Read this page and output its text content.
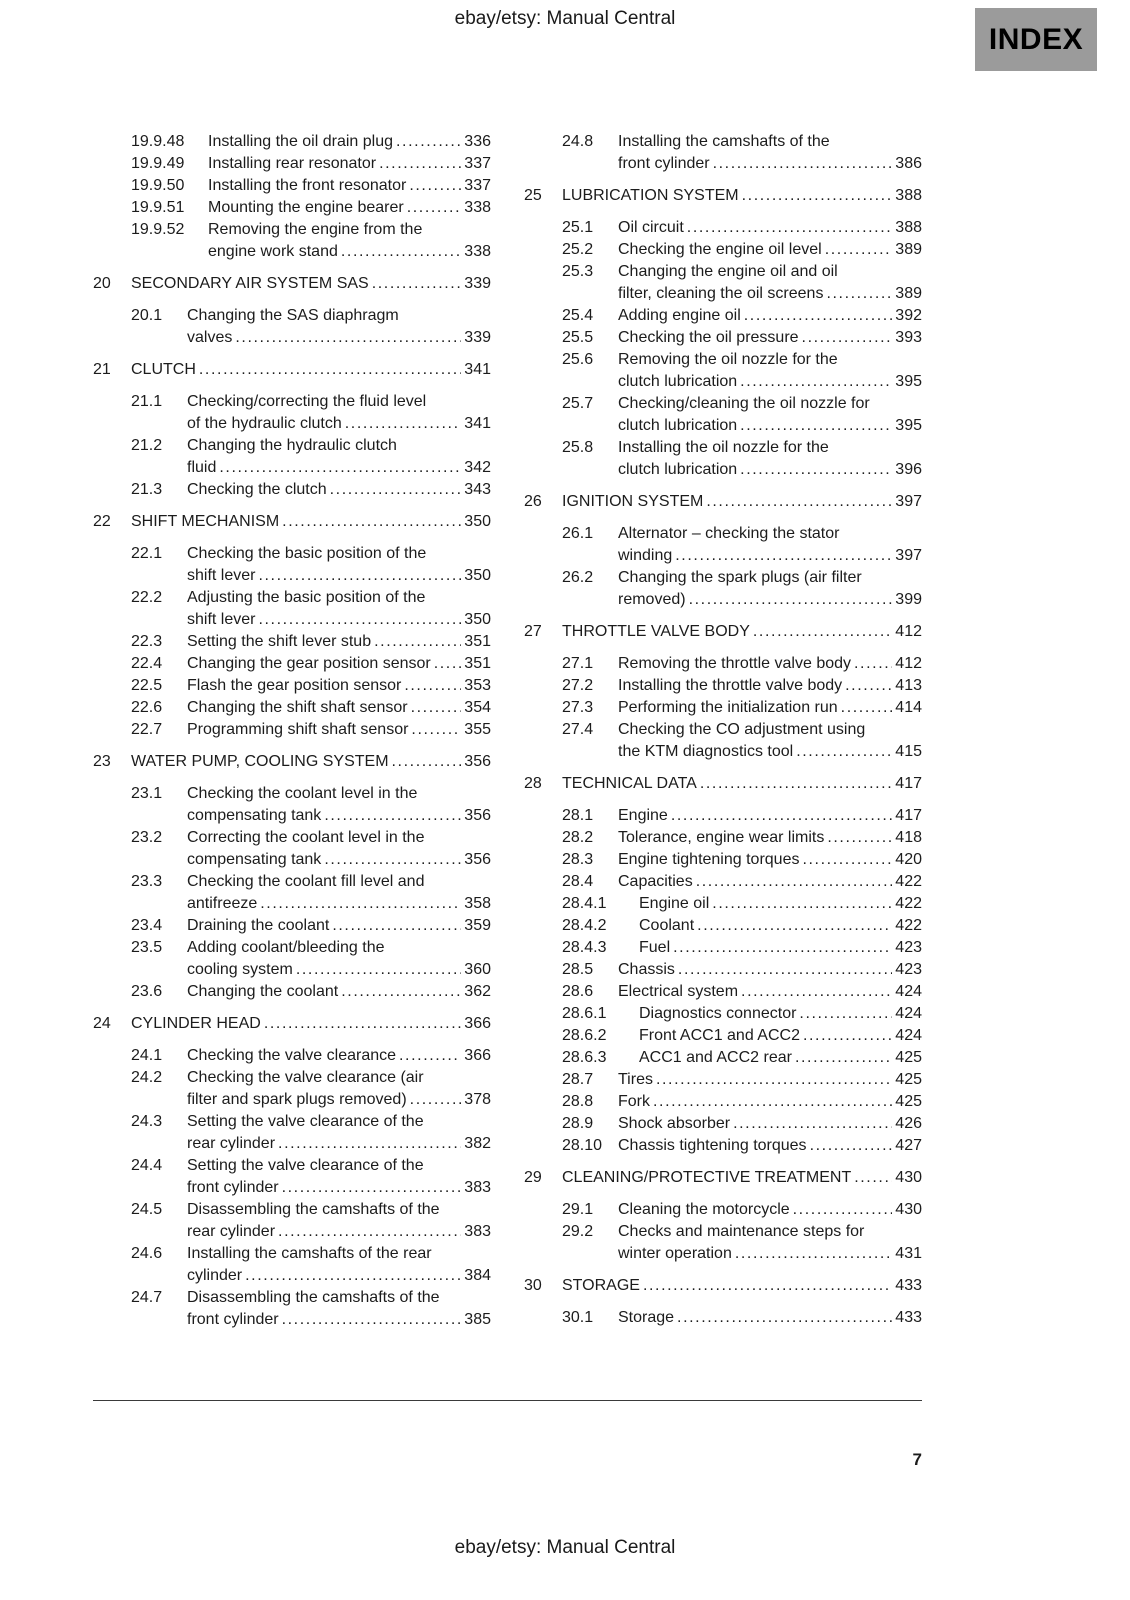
ebay/etsy: Manual Central
INDEX
19.9.48	Installing the oil drain plug .....	336
19.9.49	Installing rear resonator .....	337
19.9.50	Installing the front resonator .....	337
19.9.51	Mounting the engine bearer .....	338
19.9.52	Removing the engine from the
engine work stand .....	338
20	SECONDARY AIR SYSTEM SAS .....	339
20.1	Changing the SAS diaphragm
valves .....	339
21	CLUTCH .....	341
21.1	Checking/correcting the fluid level
of the hydraulic clutch .....	341
21.2	Changing the hydraulic clutch
fluid .....	342
21.3	Checking the clutch .....	343
22	SHIFT MECHANISM .....	350
22.1	Checking the basic position of the
shift lever .....	350
22.2	Adjusting the basic position of the
shift lever .....	350
22.3	Setting the shift lever stub .....	351
22.4	Changing the gear position sensor ..... 351
22.5	Flash the gear position sensor .....	353
22.6	Changing the shift shaft sensor .....	354
22.7	Programming shift shaft sensor .....	355
23	WATER PUMP, COOLING SYSTEM .....	356
23.1	Checking the coolant level in the
compensating tank .....	356
23.2	Correcting the coolant level in the
compensating tank .....	356
23.3	Checking the coolant fill level and
antifreeze .....	358
23.4	Draining the coolant .....	359
23.5	Adding coolant/bleeding the
cooling system .....	360
23.6	Changing the coolant .....	362
24	CYLINDER HEAD .....	366
24.1	Checking the valve clearance .....	366
24.2	Checking the valve clearance (air
filter and spark plugs removed) .....	378
24.3	Setting the valve clearance of the
rear cylinder .....	382
24.4	Setting the valve clearance of the
front cylinder .....	383
24.5	Disassembling the camshafts of the
rear cylinder .....	383
24.6	Installing the camshafts of the rear
cylinder .....	384
24.7	Disassembling the camshafts of the
front cylinder .....	385
24.8	Installing the camshafts of the
front cylinder .....	386
25	LUBRICATION SYSTEM .....	388
25.1	Oil circuit .....	388
25.2	Checking the engine oil level .....	389
25.3	Changing the engine oil and oil
filter, cleaning the oil screens .....	389
25.4	Adding engine oil .....	392
25.5	Checking the oil pressure .....	393
25.6	Removing the oil nozzle for the
clutch lubrication .....	395
25.7	Checking/cleaning the oil nozzle for
clutch lubrication .....	395
25.8	Installing the oil nozzle for the
clutch lubrication .....	396
26	IGNITION SYSTEM .....	397
26.1	Alternator – checking the stator
winding .....	397
26.2	Changing the spark plugs (air filter
removed) .....	399
27	THROTTLE VALVE BODY .....	412
27.1	Removing the throttle valve body .....	412
27.2	Installing the throttle valve body .....	413
27.3	Performing the initialization run .....	414
27.4	Checking the CO adjustment using
the KTM diagnostics tool .....	415
28	TECHNICAL DATA .....	417
28.1	Engine .....	417
28.2	Tolerance, engine wear limits .....	418
28.3	Engine tightening torques .....	420
28.4	Capacities .....	422
28.4.1	Engine oil .....	422
28.4.2	Coolant .....	422
28.4.3	Fuel .....	423
28.5	Chassis .....	423
28.6	Electrical system .....	424
28.6.1	Diagnostics connector .....	424
28.6.2	Front ACC1 and ACC2 .....	424
28.6.3	ACC1 and ACC2 rear .....	425
28.7	Tires .....	425
28.8	Fork .....	425
28.9	Shock absorber .....	426
28.10 Chassis tightening torques .....	427
29	CLEANING/PROTECTIVE TREATMENT .....	430
29.1	Cleaning the motorcycle .....	430
29.2	Checks and maintenance steps for
winter operation .....	431
30	STORAGE .....	433
30.1	Storage .....	433
7
ebay/etsy: Manual Central
